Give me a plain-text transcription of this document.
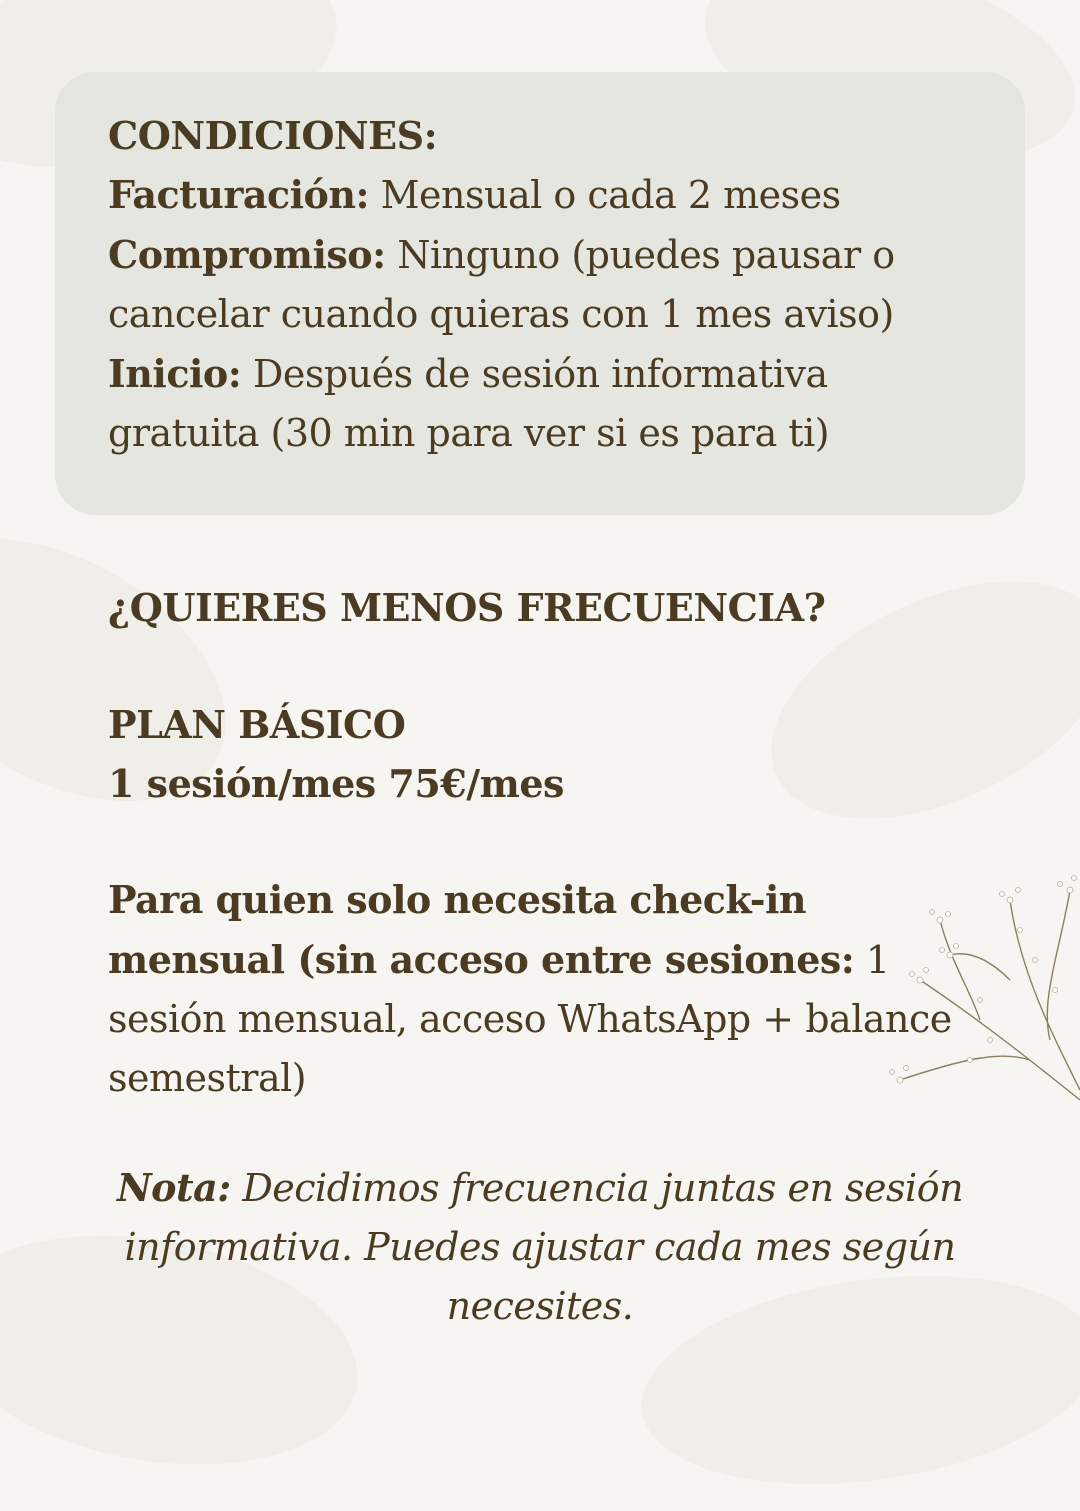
CONDICIONES:
Facturación: Mensual o cada 2 meses
Compromiso: Ninguno (puedes pausar o cancelar cuando quieras con 1 mes aviso)
Inicio: Después de sesión informativa gratuita (30 min para ver si es para ti)
¿QUIERES MENOS FRECUENCIA?
PLAN BÁSICO
1 sesión/mes 75€/mes
Para quien solo necesita check-in mensual (sin acceso entre sesiones: 1 sesión mensual, acceso WhatsApp + balance semestral)
Nota: Decidimos frecuencia juntas en sesión informativa. Puedes ajustar cada mes según necesites.
